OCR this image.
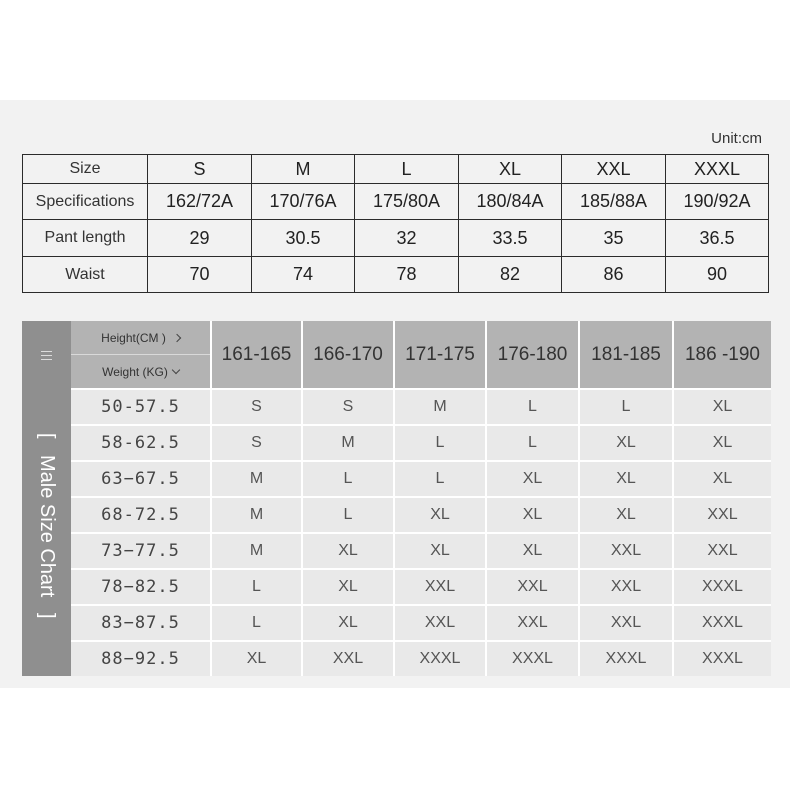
Unit:cm
Size	S	M	L	XL	XXL	XXXL
Specifications	162/72A	170/76A	175/80A	180/84A	185/88A	190/92A
Pant length	29	30.5	32	33.5	35	36.5
Waist	70	74	78	82	86	90
[
Male Size Chart
]
Height(CM )
Weight (KG)
161-165	166-170	171-175	176-180	181-185	186 -190
50-57.5	S	S	M	L	L	XL
58-62.5	S	M	L	L	XL	XL
63−67.5	M	L	L	XL	XL	XL
68-72.5	M	L	XL	XL	XL	XXL
73−77.5	M	XL	XL	XL	XXL	XXL
78−82.5	L	XL	XXL	XXL	XXL	XXXL
83−87.5	L	XL	XXL	XXL	XXL	XXXL
88−92.5	XL	XXL	XXXL	XXXL	XXXL	XXXL
